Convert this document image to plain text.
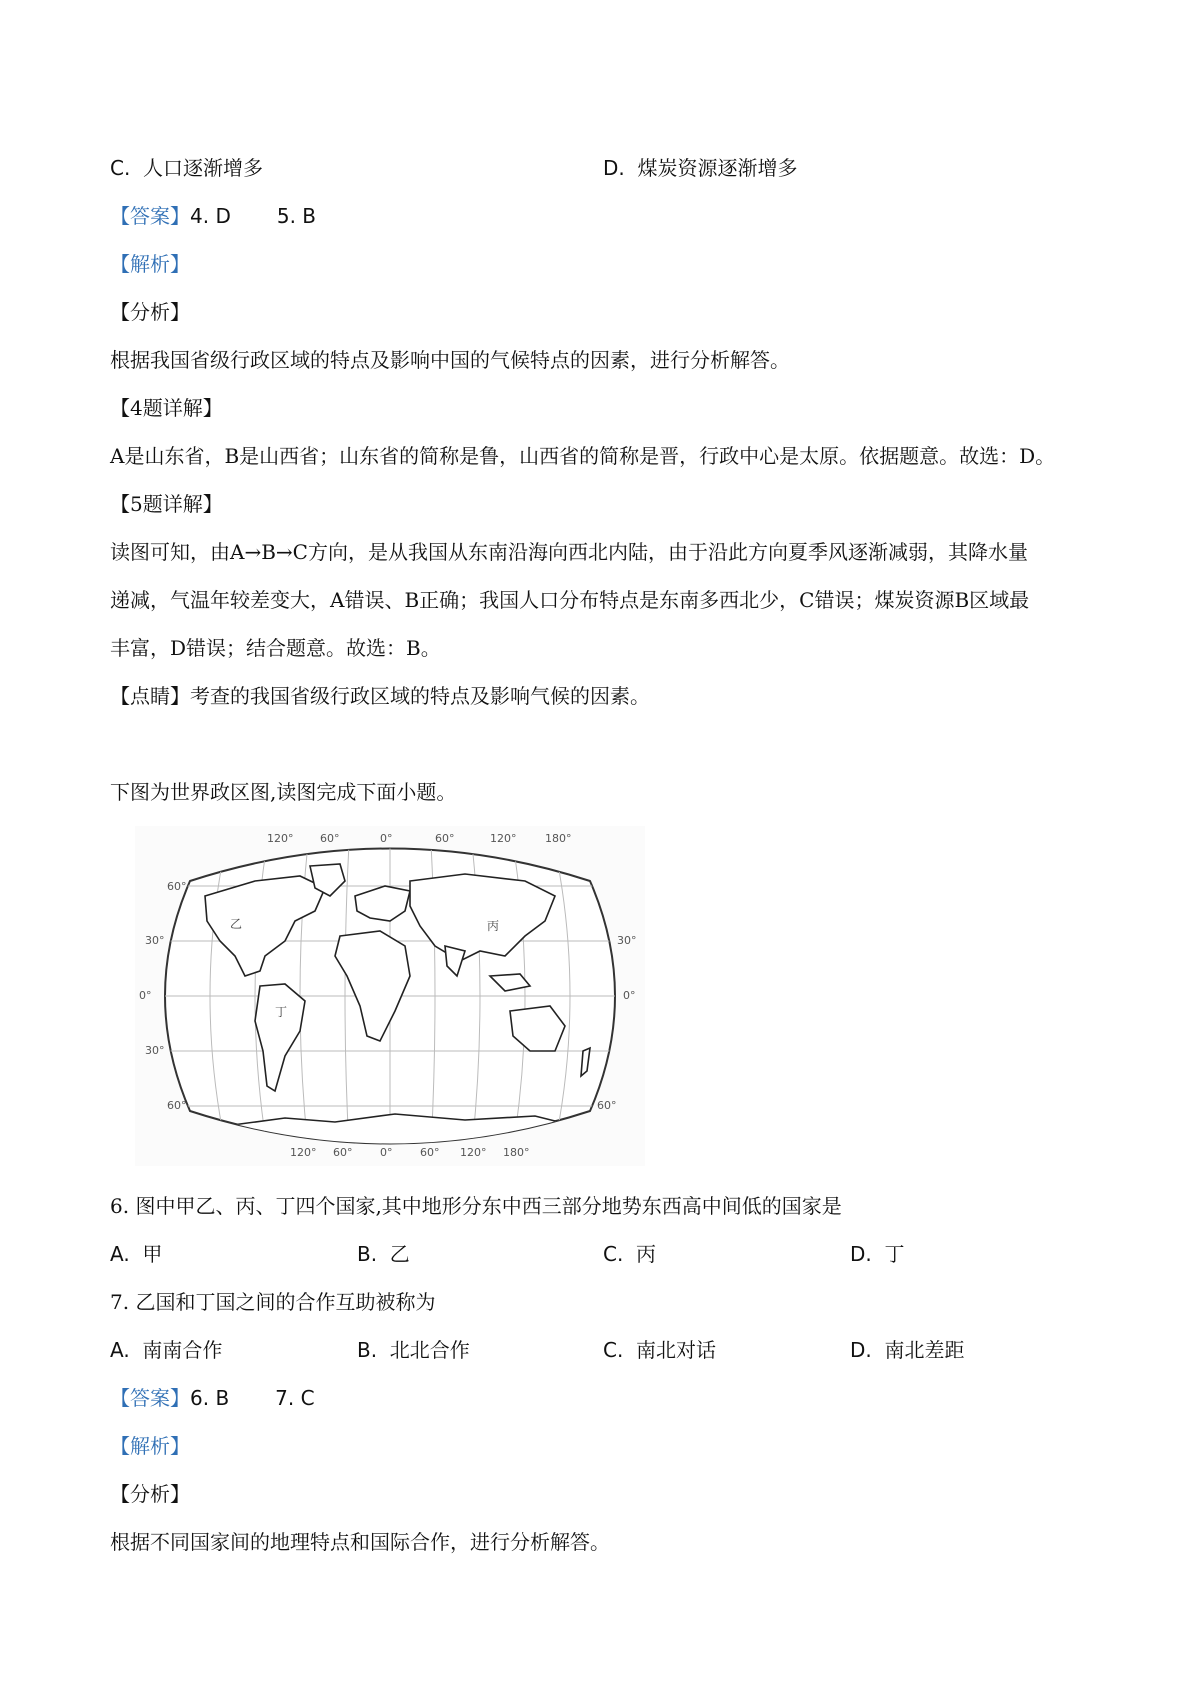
C. 人口逐渐增多	D. 煤炭资源逐渐增多
【答案】4. D 5. B
【解析】
【分析】
根据我国省级行政区域的特点及影响中国的气候特点的因素，进行分析解答。
【4题详解】
A是山东省，B是山西省；山东省的简称是鲁，山西省的简称是晋，行政中心是太原。依据题意。故选：D。
【5题详解】
读图可知，由A→B→C方向，是从我国从东南沿海向西北内陆，由于沿此方向夏季风逐渐减弱，其降水量
递减，气温年较差变大，A错误、B正确；我国人口分布特点是东南多西北少，C错误；煤炭资源B区域最
丰富，D错误；结合题意。故选：B。
【点睛】考查的我国省级行政区域的特点及影响气候的因素。
下图为世界政区图,读图完成下面小题。
乙	丙
丁
120° 60°	0°	60°	120°	180°
120° 60°	0°	60° 120° 180°
60°
30°
0°
30°
60°
30°
0°
60°
6. 图中甲乙、丙、丁四个国家,其中地形分东中西三部分地势东西高中间低的国家是
A. 甲	B. 乙	C. 丙	D. 丁
7. 乙国和丁国之间的合作互助被称为
A. 南南合作	B. 北北合作	C. 南北对话	D. 南北差距
【答案】6. B 7. C
【解析】
【分析】
根据不同国家间的地理特点和国际合作，进行分析解答。
